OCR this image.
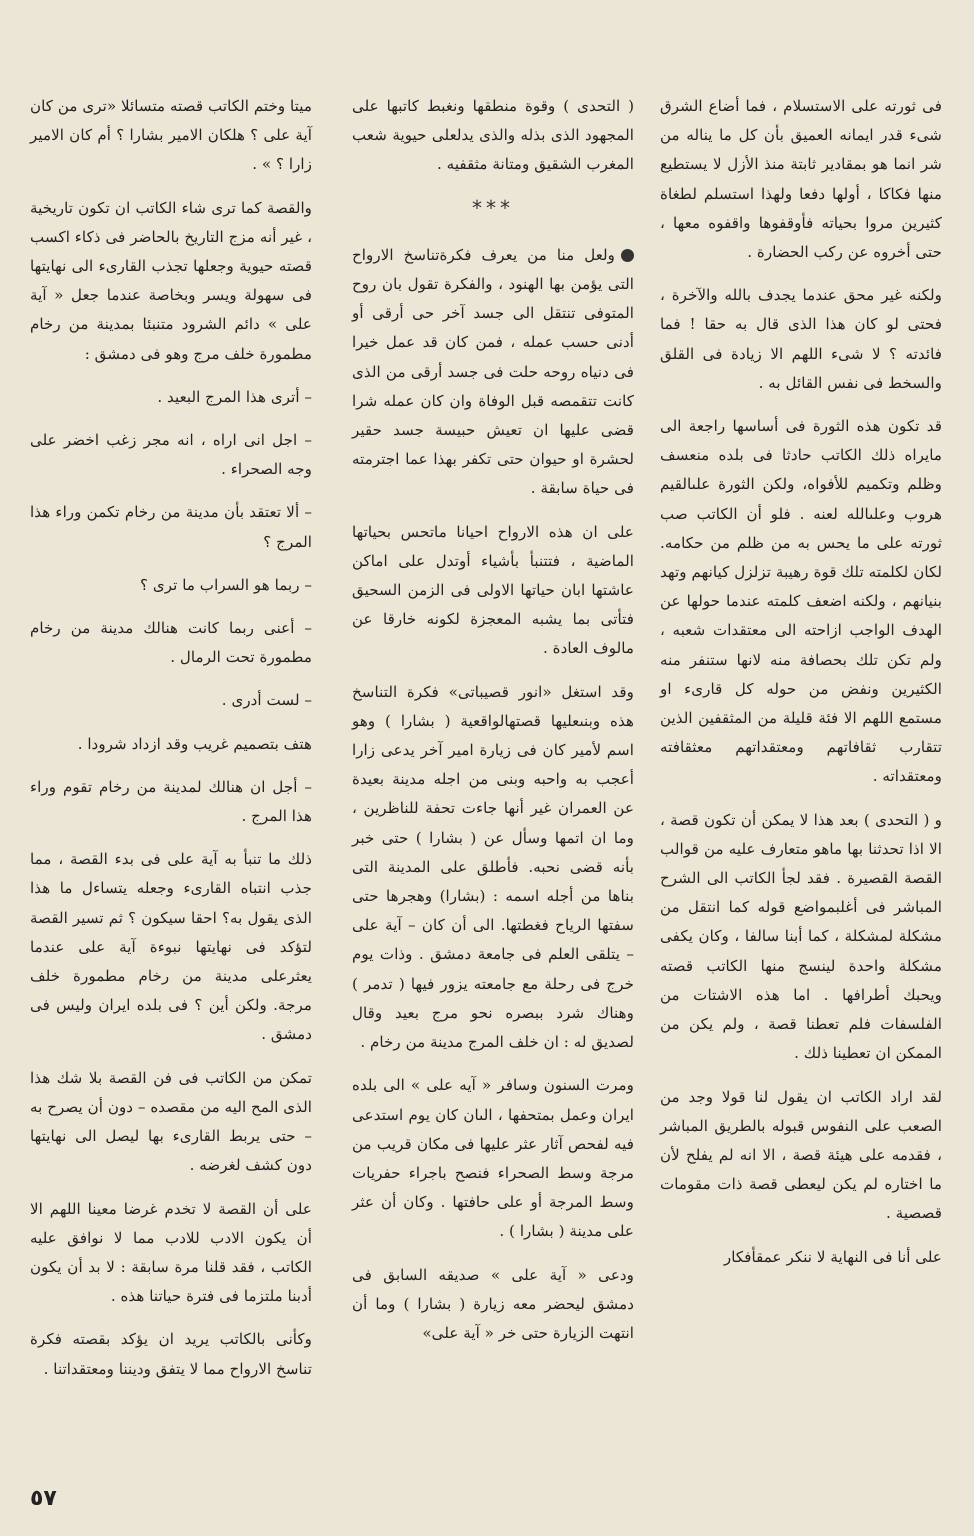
فى ثورته على الاستسلام ، فما أضاع الشرق شىء قدر ايمانه العميق بأن كل ما يناله من شر انما هو بمقادير ثابتة منذ الأزل لا يستطيع منها فكاكا ، أولها دفعا ولهذا استسلم لطغاة كثيرين مروا بحياته فأوقفوها واقفوه معها ، حتى أخروه عن ركب الحضارة .

ولكنه غير محق عندما يجدف بالله والآخرة ، فحتى لو كان هذا الذى قال به حقا ! فما فائدته ؟ لا شىء اللهم الا زيادة فى القلق والسخط فى نفس القائل به .

قد تكون هذه الثورة فى أساسها راجعة الى مايراه ذلك الكاتب حادثا فى بلده منعسف وظلم وتكميم للأفواه، ولكن الثورة علىالقيم هروب وعلىالله لعنه . فلو أن الكاتب صب ثورته على ما يحس به من ظلم من حكامه. لكان لكلمته تلك قوة رهيبة تزلزل كيانهم وتهد بنيانهم ، ولكنه اضعف كلمته عندما حولها عن الهدف الواجب ازاحته الى معتقدات شعبه ، ولم تكن تلك بحصافة منه لانها ستنفر منه الكثيرين ونفض من حوله كل قارىء او مستمع اللهم الا فئة قليلة من المثقفين الذين تتقارب ثقافاتهم ومعتقداتهم معثقافته ومعتقداته .

و ( التحدى ) بعد هذا لا يمكن أن تكون قصة ، الا اذا تحدثنا بها ماهو متعارف عليه من قوالب القصة القصيرة . فقد لجأ الكاتب الى الشرح المباشر فى أغلبمواضع قوله كما انتقل من مشكلة لمشكلة ، كما أبنا سالفا ، وكان يكفى مشكلة واحدة لينسج منها الكاتب قصته ويحبك أطرافها . اما هذه الاشتات من الفلسفات فلم تعطنا قصة ، ولم يكن من الممكن ان تعطينا ذلك .

لقد اراد الكاتب ان يقول لنا قولا وجد من الصعب على النفوس قبوله بالطريق المباشر ، فقدمه على هيئة قصة ، الا انه لم يفلح لأن ما اختاره لم يكن ليعطى قصة ذات مقومات قصصية .

على أنا فى النهاية لا ننكر عمقأفكار

( التحدى ) وقوة منطقها ونغبط كاتبها على المجهود الذى بذله والذى يدلعلى حيوية شعب المغرب الشقيق ومتانة مثقفيه .

***

ولعل منا من يعرف فكرةتناسخ الارواح التى يؤمن بها الهنود ، والفكرة تقول بان روح المتوفى تنتقل الى جسد آخر حى أرقى أو أدنى حسب عمله ، فمن كان قد عمل خيرا فى دنياه روحه حلت فى جسد أرقى من الذى كانت تتقمصه قبل الوفاة وان كان عمله شرا قضى عليها ان تعيش حبيسة جسد حقير لحشرة او حيوان حتى تكفر بهذا عما اجترمته فى حياة سابقة .

على ان هذه الارواح احيانا ماتحس بحياتها الماضية ، فتتنبأ بأشياء أوتدل على اماكن عاشتها ابان حياتها الاولى فى الزمن السحيق فتأتى بما يشبه المعجزة لكونه خارقا عن مالوف العادة .

وقد استغل «انور قصيباتى» فكرة التناسخ هذه وبنىعليها قصتهالواقعية ( بشارا ) وهو اسم لأمير كان فى زيارة امير آخر يدعى زارا أعجب به واحبه وبنى من اجله مدينة بعيدة عن العمران غير أنها جاءت تحفة للناظرين ، وما ان اتمها وسأل عن ( بشارا ) حتى خبر بأنه قضى نحبه. فأطلق على المدينة التى بناها من أجله اسمه : (بشارا) وهجرها حتى سفتها الرياح فغطتها. الى أن كان – آية على – يتلقى العلم فى جامعة دمشق . وذات يوم خرج فى رحلة مع جامعته يزور فيها ( تدمر ) وهناك شرد ببصره نحو مرج بعيد وقال لصديق له : ان خلف المرج مدينة من رخام .

ومرت السنون وسافر « آيه على » الى بلده ايران وعمل بمتحفها ، الىان كان يوم استدعى فيه لفحص آثار عثر عليها فى مكان قريب من مرجة وسط الصحراء فنصح باجراء حفريات وسط المرجة أو على حافتها . وكان أن عثر على مدينة ( بشارا ) .

ودعى « آية على » صديقه السابق فى دمشق ليحضر معه زيارة ( بشارا ) وما أن انتهت الزيارة حتى خر « آية على»

ميتا وختم الكاتب قصته متسائلا «ترى من كان آية على ؟ هلكان الامير بشارا ؟ أم كان الامير زارا ؟ » .

والقصة كما ترى شاء الكاتب ان تكون تاريخية ، غير أنه مزج التاريخ بالحاضر فى ذكاء اكسب قصته حيوية وجعلها تجذب القارىء الى نهايتها فى سهولة ويسر وبخاصة عندما جعل « آية على » دائم الشرود متنبئا بمدينة من رخام مطمورة خلف مرج وهو فى دمشق :

– أترى هذا المرج البعيد .

– اجل انى اراه ، انه مجر زغب اخضر على وجه الصحراء .

– ألا تعتقد بأن مدينة من رخام تكمن وراء هذا المرج ؟

– ربما هو السراب ما ترى ؟

– أعنى ربما كانت هنالك مدينة من رخام مطمورة تحت الرمال .

– لست أدرى .

هتف بتصميم غريب وقد ازداد شرودا .

– أجل ان هنالك لمدينة من رخام تقوم وراء هذا المرج .

ذلك ما تنبأ به آية على فى بدء القصة ، مما جذب انتباه القارىء وجعله يتساءل ما هذا الذى يقول به؟ احقا سيكون ؟ ثم تسير القصة لتؤكد فى نهايتها نبوءة آية على عندما يعثرعلى مدينة من رخام مطمورة خلف مرجة. ولكن أين ؟ فى بلده ايران وليس فى دمشق .

تمكن من الكاتب فى فن القصة بلا شك هذا الذى المح اليه من مقصده – دون أن يصرح به – حتى يربط القارىء بها ليصل الى نهايتها دون كشف لغرضه .

على أن القصة لا تخدم غرضا معينا اللهم الا أن يكون الادب للادب مما لا نوافق عليه الكاتب ، فقد قلنا مرة سابقة : لا بد أن يكون أدبنا ملتزما فى فترة حياتنا هذه .

وكأنى بالكاتب يريد ان يؤكد بقصته فكرة تناسخ الارواح مما لا يتفق وديننا ومعتقداتنا .

٥٧
